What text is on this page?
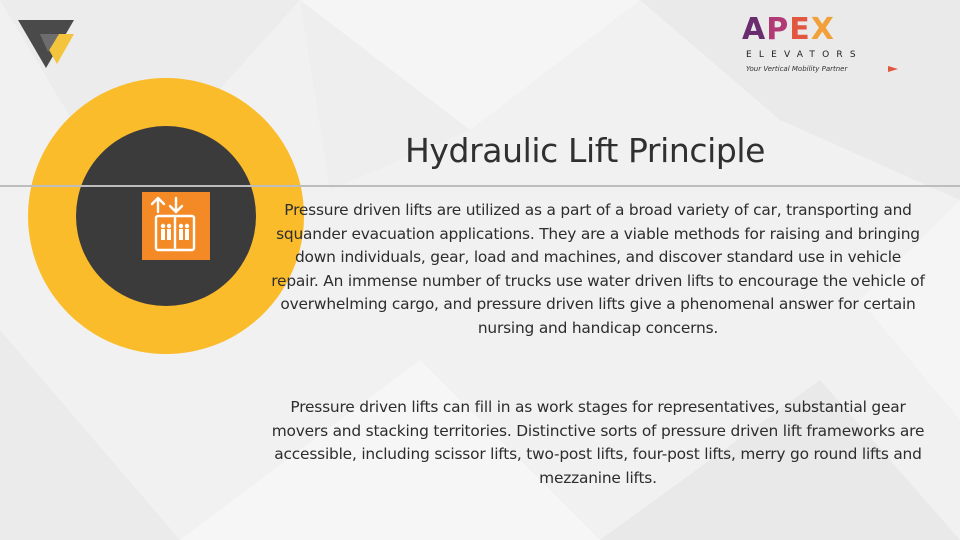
APEX
ELEVATORS
Your Vertical Mobility Partner
Hydraulic Lift Principle

Pressure driven lifts are utilized as a part of a broad variety of car, transporting and squander evacuation applications. They are a viable methods for raising and bringing down individuals, gear, load and machines, and discover standard use in vehicle repair. An immense number of trucks use water driven lifts to encourage the vehicle of overwhelming cargo, and pressure driven lifts give a phenomenal answer for certain nursing and handicap concerns.

Pressure driven lifts can fill in as work stages for representatives, substantial gear movers and stacking territories. Distinctive sorts of pressure driven lift frameworks are accessible, including scissor lifts, two-post lifts, four-post lifts, merry go round lifts and mezzanine lifts.
